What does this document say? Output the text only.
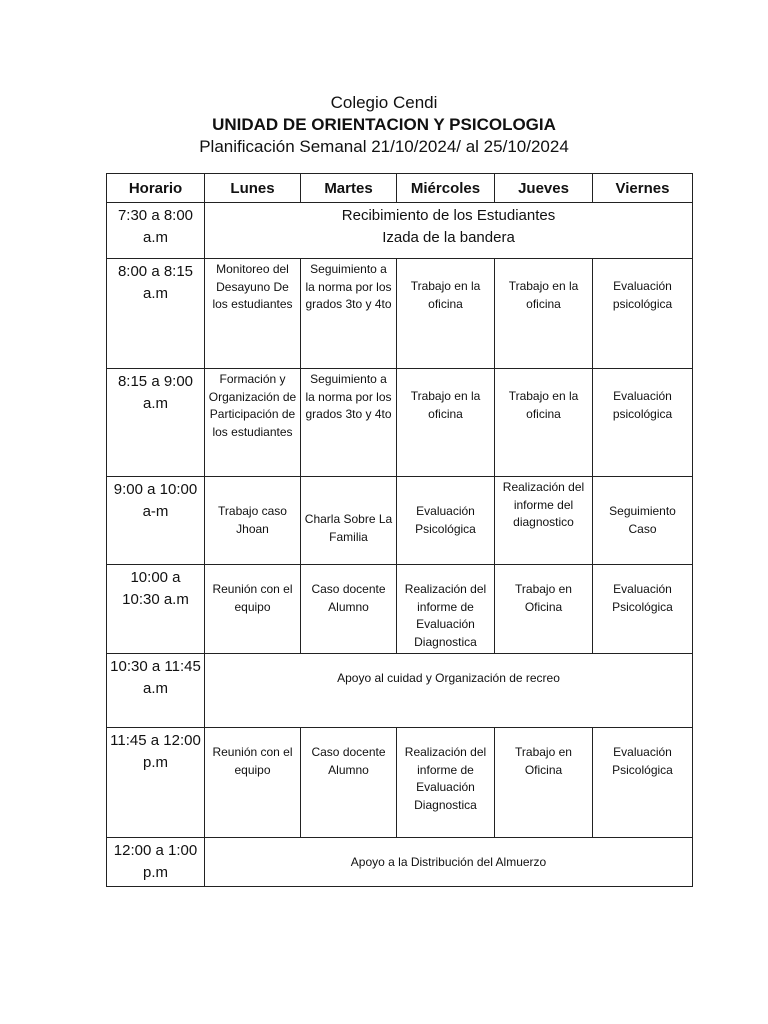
Colegio Cendi
UNIDAD DE ORIENTACION Y PSICOLOGIA
Planificación Semanal 21/10/2024/ al 25/10/2024
Horario	Lunes	Martes	Miércoles	Jueves	Viernes
7:30 a 8:00 a.m	Recibimiento de los Estudiantes
Izada de la bandera				

8:00 a 8:15 a.m	Monitoreo del Desayuno De los estudiantes	Seguimiento a la norma por los grados 3to y 4to	Trabajo en la oficina	Trabajo en la oficina	Evaluación psicológica
8:15 a 9:00 a.m	Formación y Organización de Participación de los estudiantes	Seguimiento a la norma por los grados 3to y 4to	Trabajo en la oficina	Trabajo en la oficina	Evaluación psicológica
9:00 a 10:00 a-m	Trabajo caso Jhoan	Charla Sobre La Familia	Evaluación Psicológica	Realización del informe del diagnostico	Seguimiento Caso
10:00 a 10:30 a.m	Reunión con el equipo	Caso docente Alumno	Realización del informe de Evaluación Diagnostica	Trabajo en Oficina	Evaluación Psicológica
10:30 a 11:45 a.m	Apoyo al cuidad y Organización de recreo				
11:45 a 12:00 p.m	Reunión con el equipo	Caso docente Alumno	Realización del informe de Evaluación Diagnostica	Trabajo en Oficina	Evaluación Psicológica
12:00 a 1:00 p.m	Apoyo a la Distribución del Almuerzo				
